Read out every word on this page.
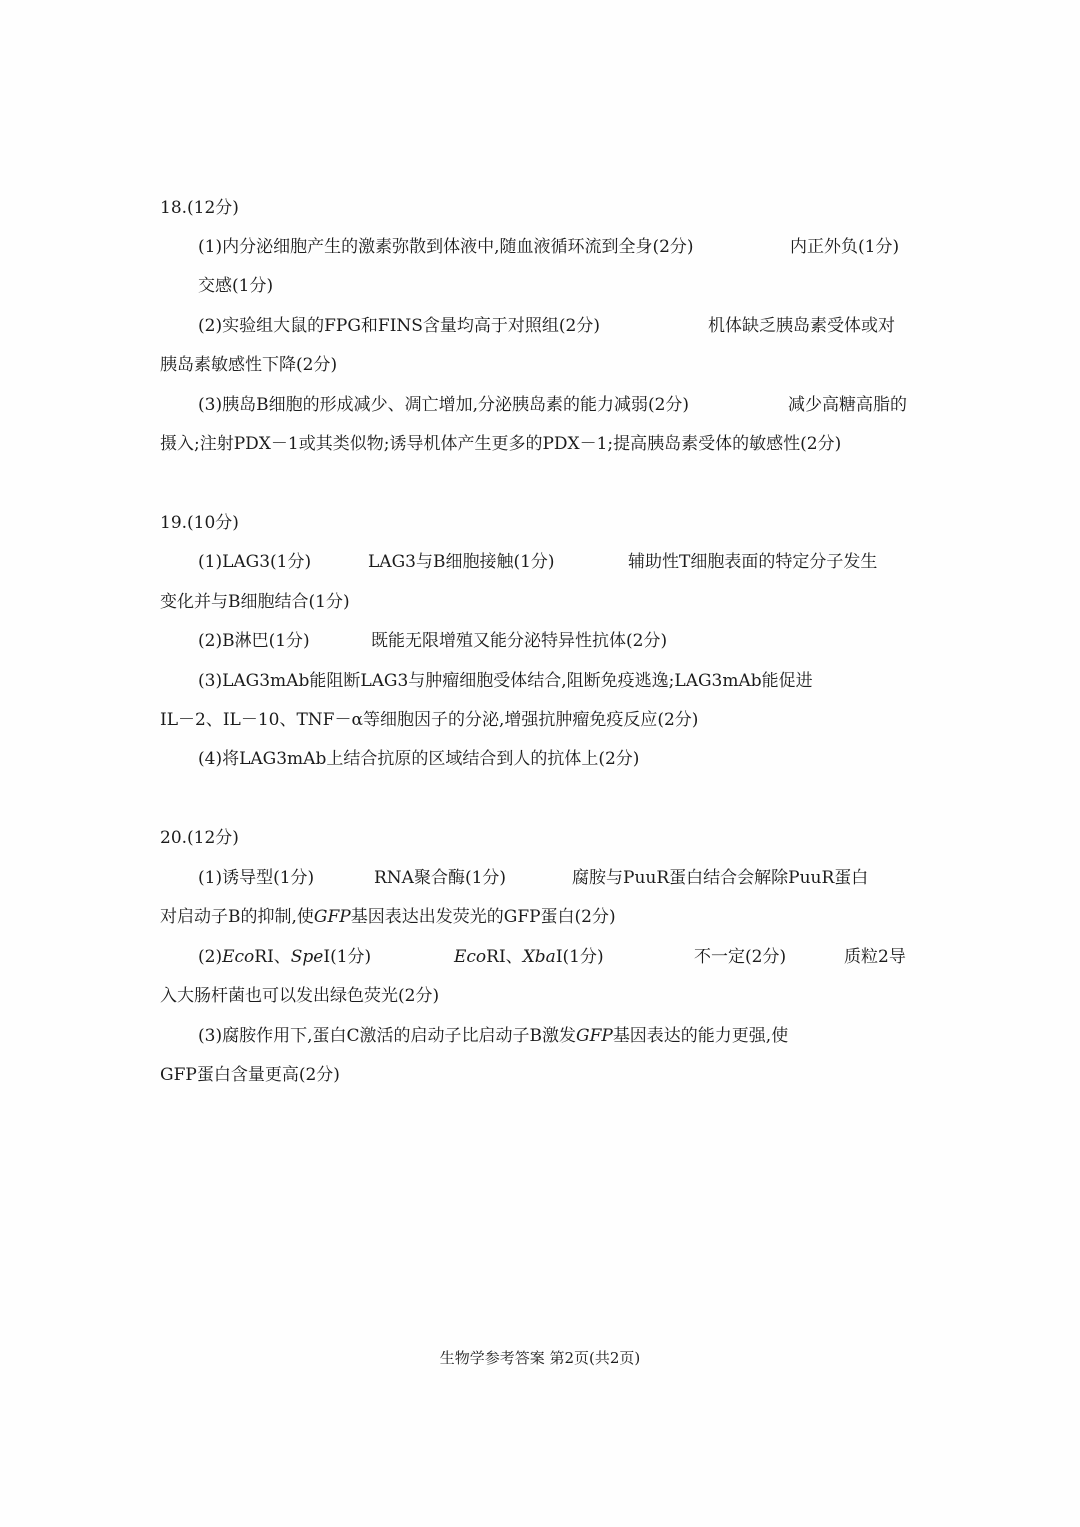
18.(12分)
(1)内分泌细胞产生的激素弥散到体液中,随血液循环流到全身(2分)	内正外负(1分)
交感(1分)
(2)实验组大鼠的FPG和FINS含量均高于对照组(2分)	机体缺乏胰岛素受体或对
胰岛素敏感性下降(2分)
(3)胰岛B细胞的形成减少、凋亡增加,分泌胰岛素的能力减弱(2分)	减少高糖高脂的
摄入;注射PDX－1或其类似物;诱导机体产生更多的PDX－1;提高胰岛素受体的敏感性(2分)
19.(10分)
(1)LAG3(1分)	LAG3与B细胞接触(1分)	辅助性T细胞表面的特定分子发生
变化并与B细胞结合(1分)
(2)B淋巴(1分)	既能无限增殖又能分泌特异性抗体(2分)
(3)LAG3mAb能阻断LAG3与肿瘤细胞受体结合,阻断免疫逃逸;LAG3mAb能促进
IL－2、IL－10、TNF－α等细胞因子的分泌,增强抗肿瘤免疫反应(2分)
(4)将LAG3mAb上结合抗原的区域结合到人的抗体上(2分)
20.(12分)
(1)诱导型(1分)	RNA聚合酶(1分)	腐胺与PuuR蛋白结合会解除PuuR蛋白
对启动子B的抑制,使GFP基因表达出发荧光的GFP蛋白(2分)
(2)EcoRⅠ、SpeⅠ(1分)	EcoRⅠ、XbaⅠ(1分)	不一定(2分)	质粒2导
入大肠杆菌也可以发出绿色荧光(2分)
(3)腐胺作用下,蛋白C激活的启动子比启动子B激发GFP基因表达的能力更强,使
GFP蛋白含量更高(2分)
生物学参考答案 第2页(共2页)
